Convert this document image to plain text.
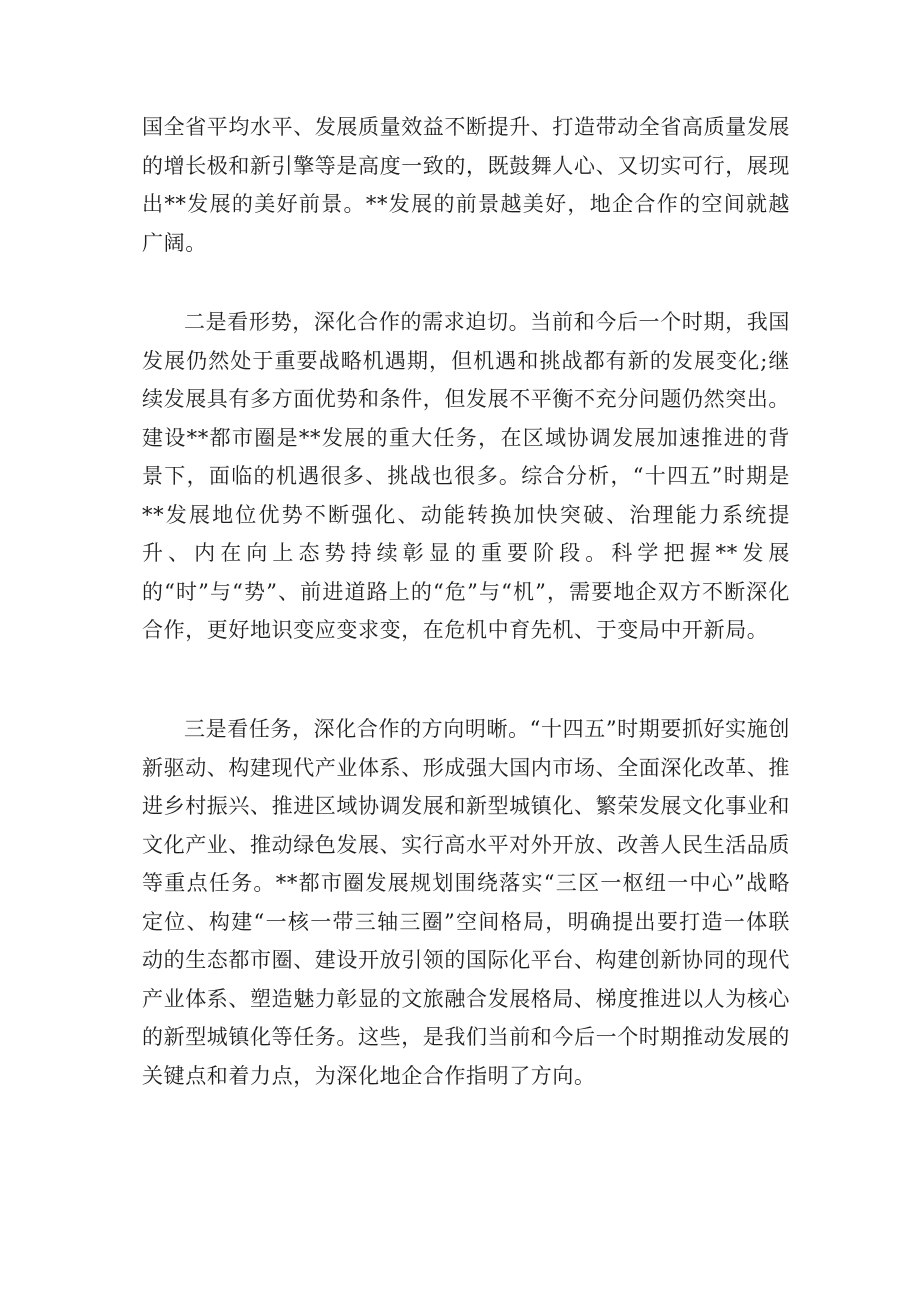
国全省平均水平、发展质量效益不断提升、打造带动全省高质量发展的增长极和新引擎等是高度一致的，既鼓舞人心、又切实可行，展现出**发展的美好前景。**发展的前景越美好，地企合作的空间就越广阔。

二是看形势，深化合作的需求迫切。当前和今后一个时期，我国发展仍然处于重要战略机遇期，但机遇和挑战都有新的发展变化;继续发展具有多方面优势和条件，但发展不平衡不充分问题仍然突出。建设**都市圈是**发展的重大任务，在区域协调发展加速推进的背景下，面临的机遇很多、挑战也很多。综合分析，“十四五”时期是**发展地位优势不断强化、动能转换加快突破、治理能力系统提升、内在向上态势持续彰显的重要阶段。科学把握**发展的“时”与“势”、前进道路上的“危”与“机”，需要地企双方不断深化合作，更好地识变应变求变，在危机中育先机、于变局中开新局。

三是看任务，深化合作的方向明晰。“十四五”时期要抓好实施创新驱动、构建现代产业体系、形成强大国内市场、全面深化改革、推进乡村振兴、推进区域协调发展和新型城镇化、繁荣发展文化事业和文化产业、推动绿色发展、实行高水平对外开放、改善人民生活品质等重点任务。**都市圈发展规划围绕落实“三区一枢纽一中心”战略定位、构建“一核一带三轴三圈”空间格局，明确提出要打造一体联动的生态都市圈、建设开放引领的国际化平台、构建创新协同的现代产业体系、塑造魅力彰显的文旅融合发展格局、梯度推进以人为核心的新型城镇化等任务。这些，是我们当前和今后一个时期推动发展的关键点和着力点，为深化地企合作指明了方向。
